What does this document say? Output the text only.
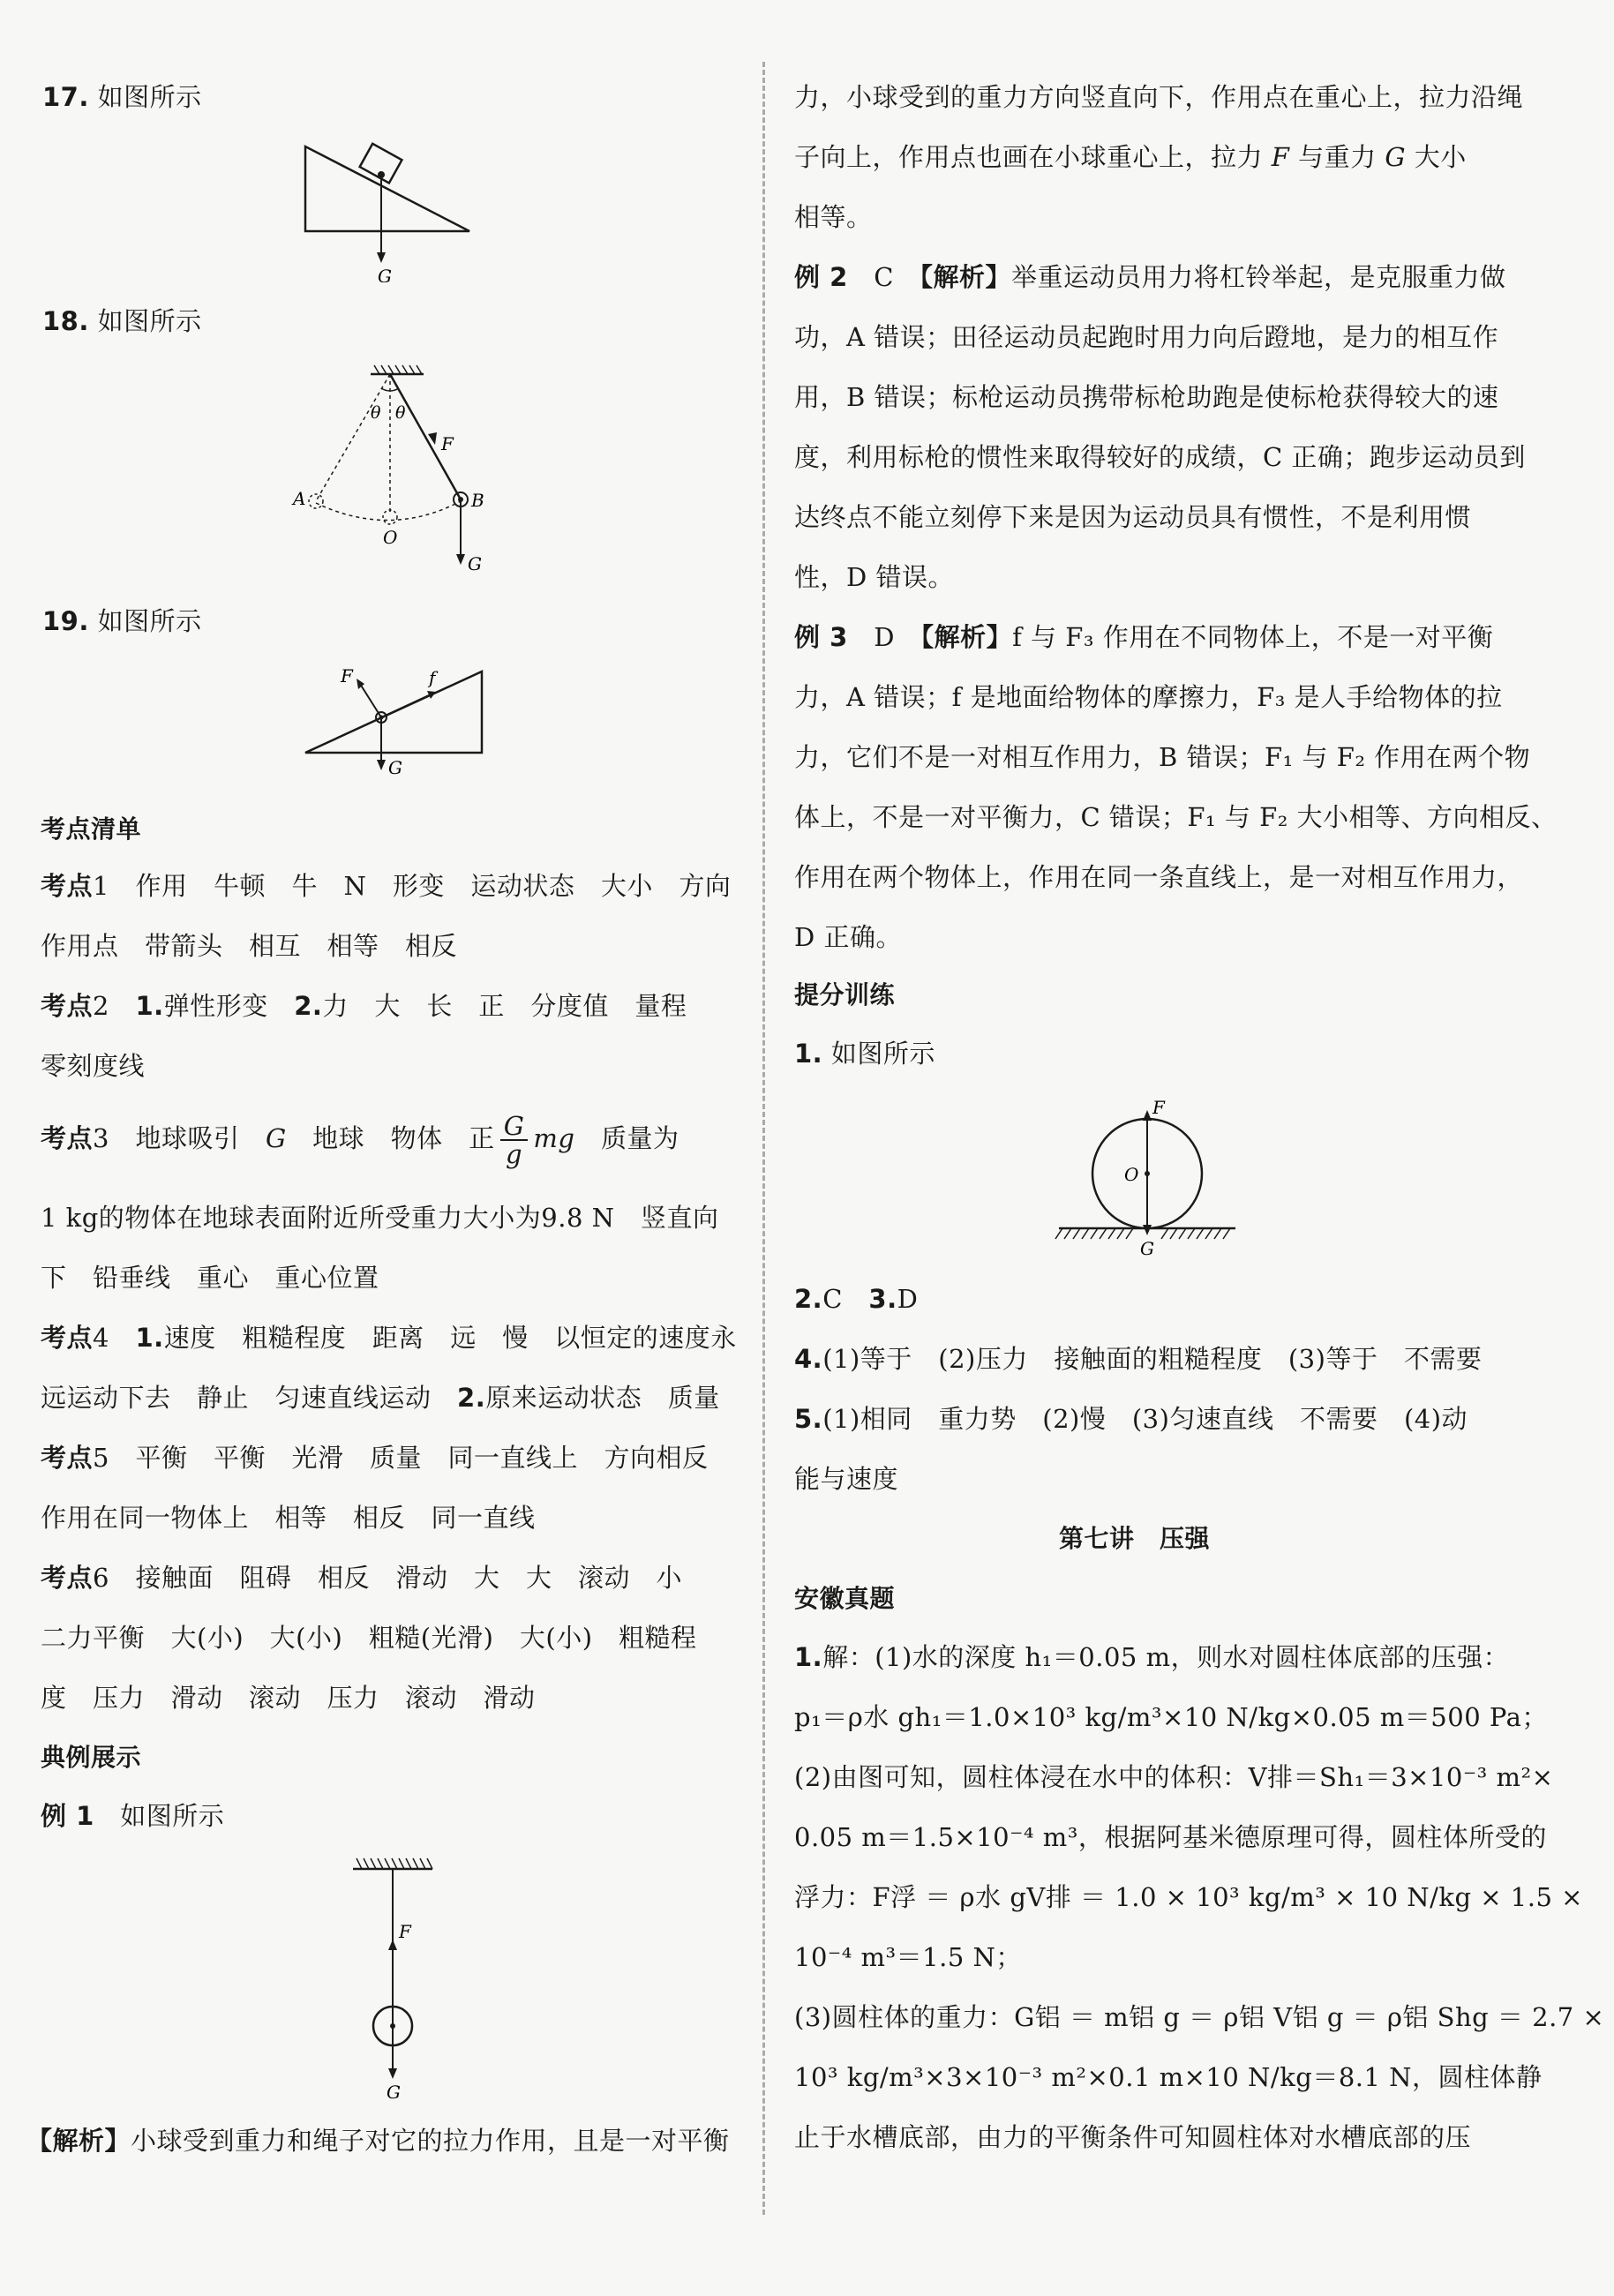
17. 如图所示
G
18. 如图所示
θ θ
F
A	B
O
G
19. 如图所示
F	f
G
考点清单
考点1　 作用　牛顿　牛　N　形变　运动状态　大小　方向
作用点　带箭头　相互　相等　相反
考点2　 1.弹性形变　 2.力　大　长　正　分度值　量程
零刻度线
考点3　 地球吸引　G　地球　物体　正 $\frac{G}{g}$ mg　 质量为
1 kg的物体在地球表面附近所受重力大小为9.8 N　竖直向
下　铅垂线　重心　重心位置
考点4　 1.速度　粗糙程度　距离　远　慢　以恒定的速度永
远运动下去　静止　匀速直线运动　2.原来运动状态　质量
考点5　 平衡　平衡　光滑　质量　同一直线上　方向相反
作用在同一物体上　相等　相反　同一直线
考点6　 接触面　阻碍　相反　滑动　大　大　滚动　小
二力平衡　大(小)　大(小)　粗糙(光滑)　大(小)　粗糙程
度　压力　滑动　滚动　压力　滚动　滑动
典例展示
例 1　 如图所示
F
G
【解析】小球受到重力和绳子对它的拉力作用，且是一对平衡
力，小球受到的重力方向竖直向下，作用点在重心上，拉力沿绳
子向上，作用点也画在小球重心上，拉力 F 与重力 G 大小
相等。
例 2　 C　 【解析】举重运动员用力将杠铃举起，是克服重力做
功，A 错误；田径运动员起跑时用力向后蹬地，是力的相互作
用，B 错误；标枪运动员携带标枪助跑是使标枪获得较大的速
度，利用标枪的惯性来取得较好的成绩，C 正确；跑步运动员到
达终点不能立刻停下来是因为运动员具有惯性，不是利用惯
性，D 错误。
例 3　 D　 【解析】f 与 F₃ 作用在不同物体上，不是一对平衡
力，A 错误；f 是地面给物体的摩擦力，F₃ 是人手给物体的拉
力，它们不是一对相互作用力，B 错误；F₁ 与 F₂ 作用在两个物
体上，不是一对平衡力，C 错误；F₁ 与 F₂ 大小相等、方向相反、
作用在两个物体上，作用在同一条直线上，是一对相互作用力，
D 正确。
提分训练
1. 如图所示
F
O
G
2.C　 3.D
4.(1)等于　(2)压力　接触面的粗糙程度　(3)等于　不需要
5.(1)相同　重力势　(2)慢　(3)匀速直线　不需要　(4)动
能与速度
第七讲　压强
安徽真题
1.解：(1)水的深度 h₁＝0.05 m，则水对圆柱体底部的压强：
p₁＝ρ水 gh₁＝1.0×10³ kg/m³×10 N/kg×0.05 m＝500 Pa；
(2)由图可知，圆柱体浸在水中的体积：V排＝Sh₁＝3×10⁻³ m²×
0.05 m＝1.5×10⁻⁴ m³，根据阿基米德原理可得，圆柱体所受的
浮力：F浮 ＝ ρ水 gV排 ＝ 1.0 × 10³ kg/m³ × 10 N/kg × 1.5 ×
10⁻⁴ m³＝1.5 N；
(3)圆柱体的重力：G铝 ＝ m铝 g ＝ ρ铝 V铝 g ＝ ρ铝 Shg ＝ 2.7 ×
10³ kg/m³×3×10⁻³ m²×0.1 m×10 N/kg＝8.1 N，圆柱体静
止于水槽底部，由力的平衡条件可知圆柱体对水槽底部的压
